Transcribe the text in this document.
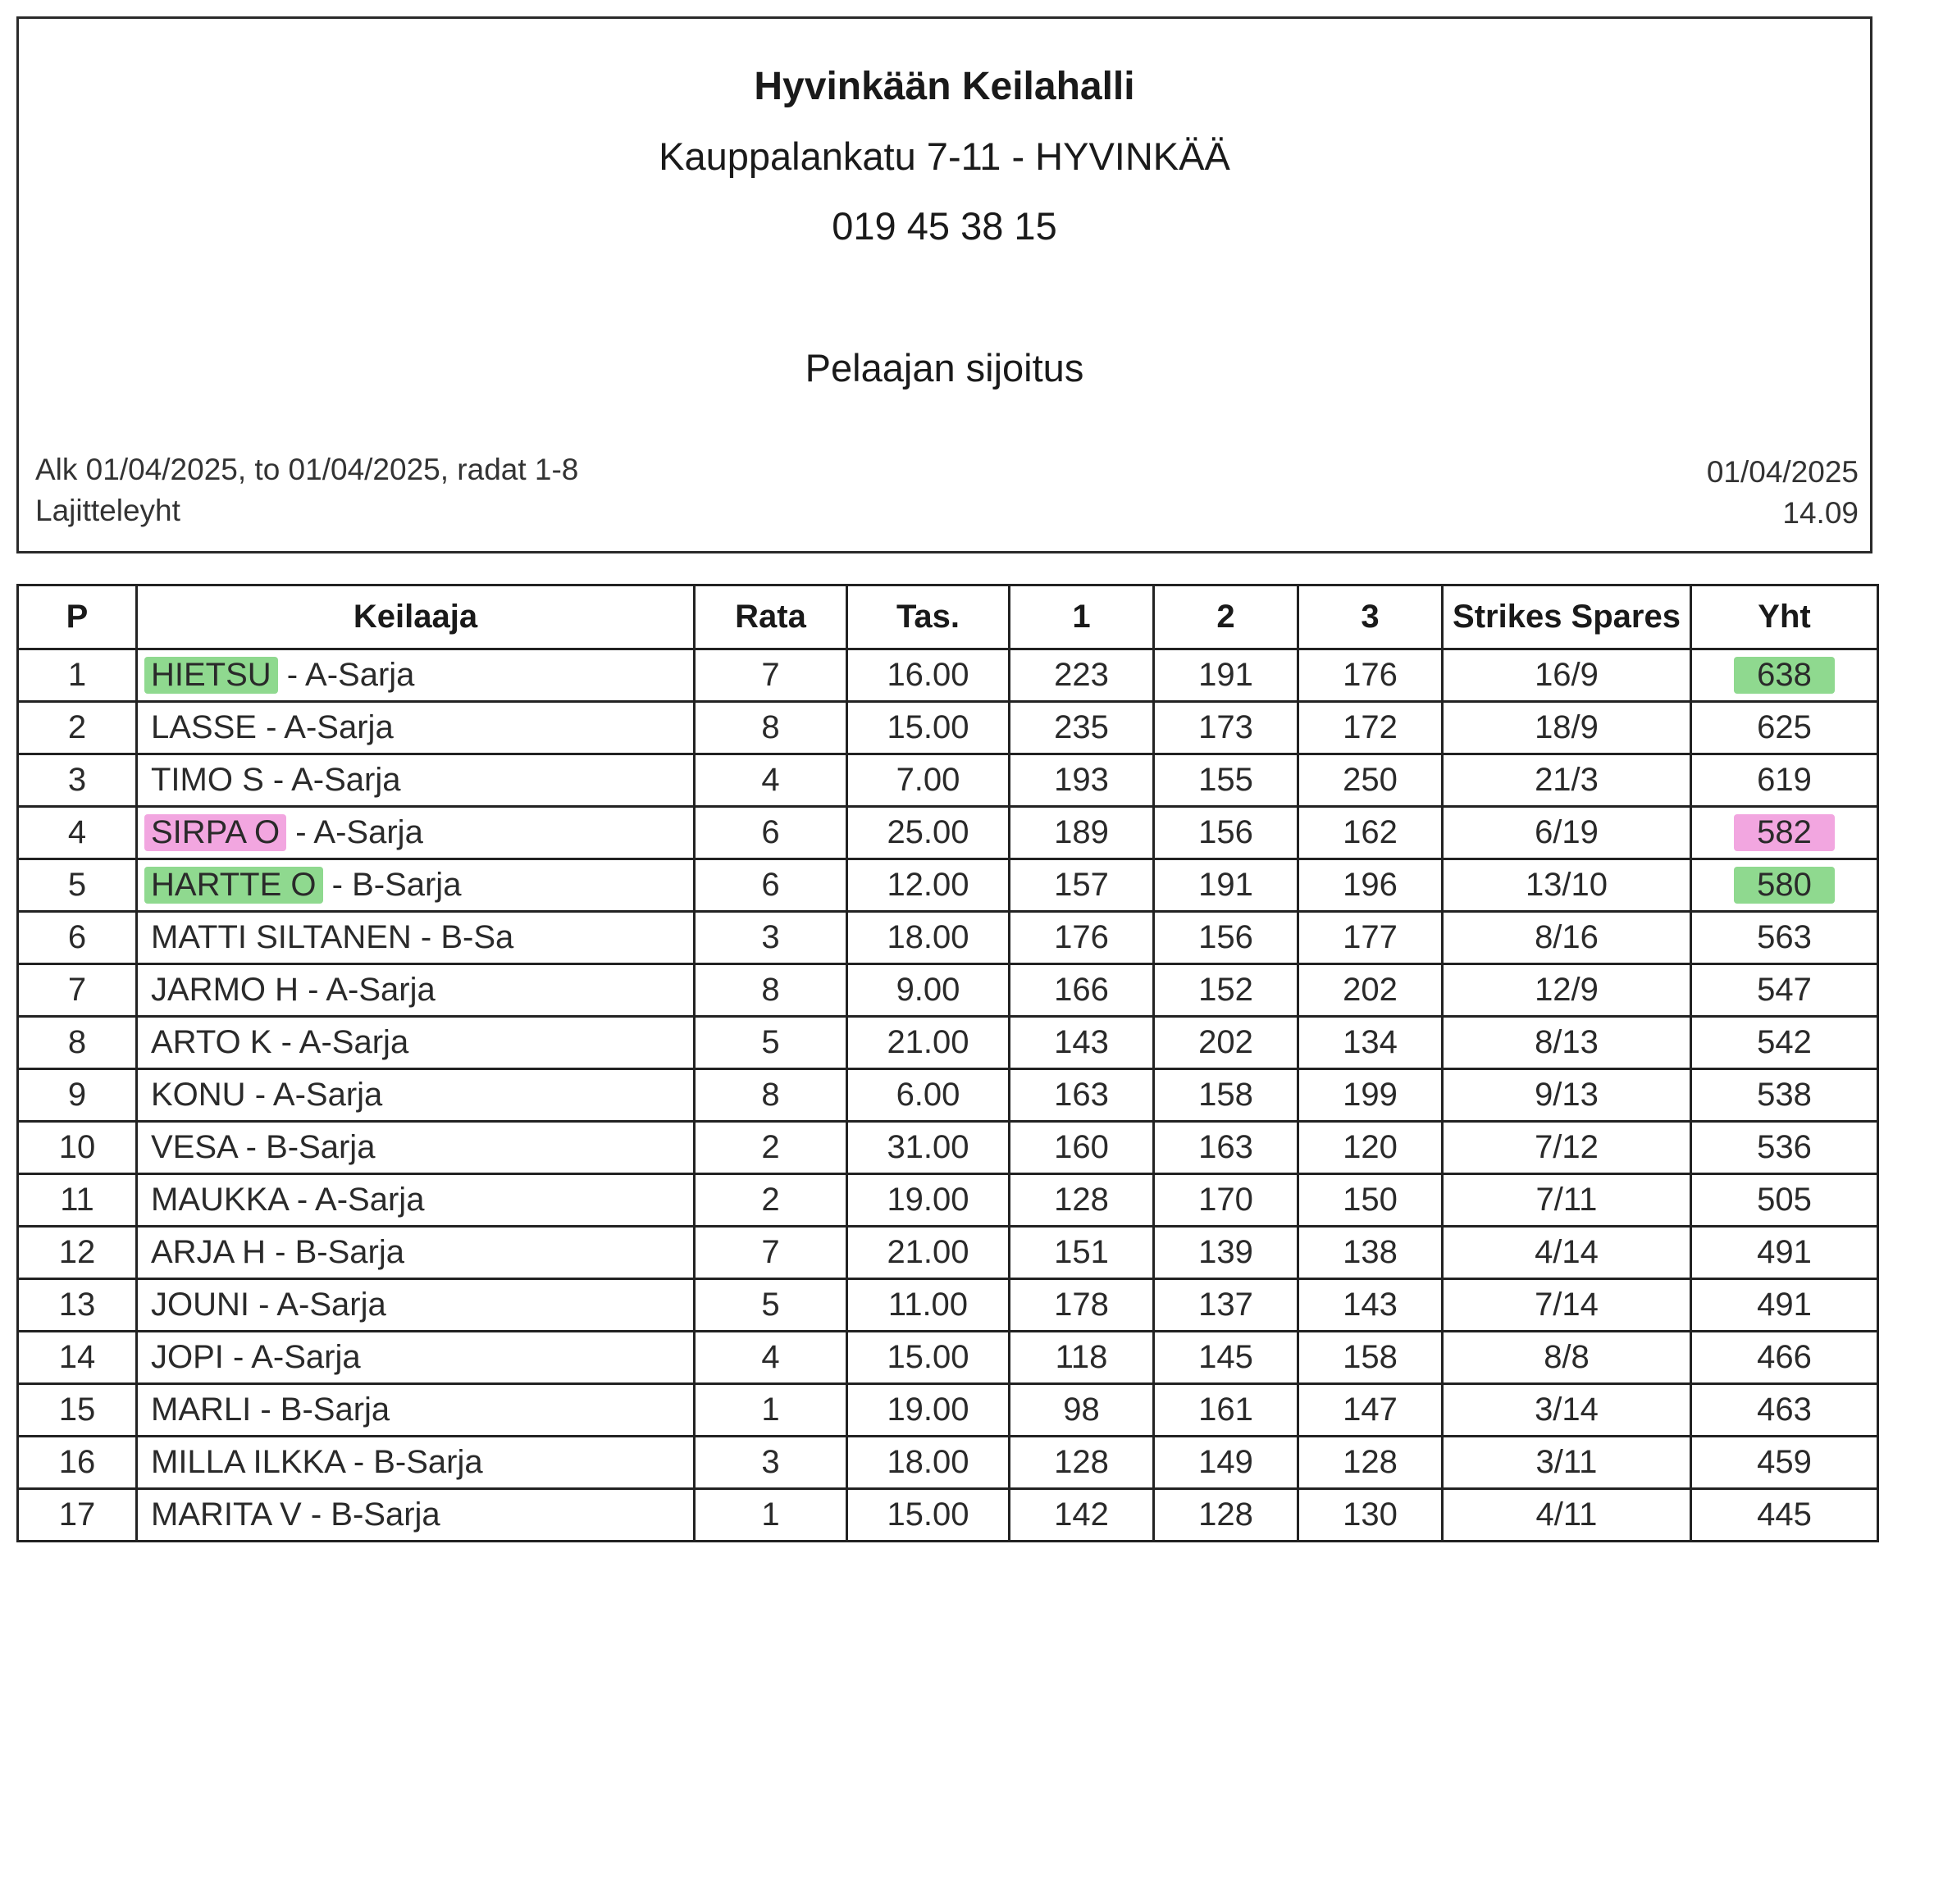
Hyvinkään Keilahalli
Kauppalankatu 7-11 - HYVINKÄÄ
019 45 38 15
Pelaajan sijoitus
Alk 01/04/2025, to 01/04/2025, radat 1-8
Lajitteleyht
01/04/2025
14.09
P	Keilaaja	Rata	Tas.	1	2	3	Strikes Spares	Yht
1	HIETSU - A-Sarja	7	16.00	223	191	176	16/9	638
2	LASSE - A-Sarja	8	15.00	235	173	172	18/9	625
3	TIMO S - A-Sarja	4	7.00	193	155	250	21/3	619
4	SIRPA O - A-Sarja	6	25.00	189	156	162	6/19	582
5	HARTTE O - B-Sarja	6	12.00	157	191	196	13/10	580
6	MATTI SILTANEN - B-Sa	3	18.00	176	156	177	8/16	563
7	JARMO H - A-Sarja	8	9.00	166	152	202	12/9	547
8	ARTO K - A-Sarja	5	21.00	143	202	134	8/13	542
9	KONU - A-Sarja	8	6.00	163	158	199	9/13	538
10	VESA - B-Sarja	2	31.00	160	163	120	7/12	536
11	MAUKKA - A-Sarja	2	19.00	128	170	150	7/11	505
12	ARJA H - B-Sarja	7	21.00	151	139	138	4/14	491
13	JOUNI - A-Sarja	5	11.00	178	137	143	7/14	491
14	JOPI - A-Sarja	4	15.00	118	145	158	8/8	466
15	MARLI - B-Sarja	1	19.00	98	161	147	3/14	463
16	MILLA ILKKA - B-Sarja	3	18.00	128	149	128	3/11	459
17	MARITA V - B-Sarja	1	15.00	142	128	130	4/11	445
